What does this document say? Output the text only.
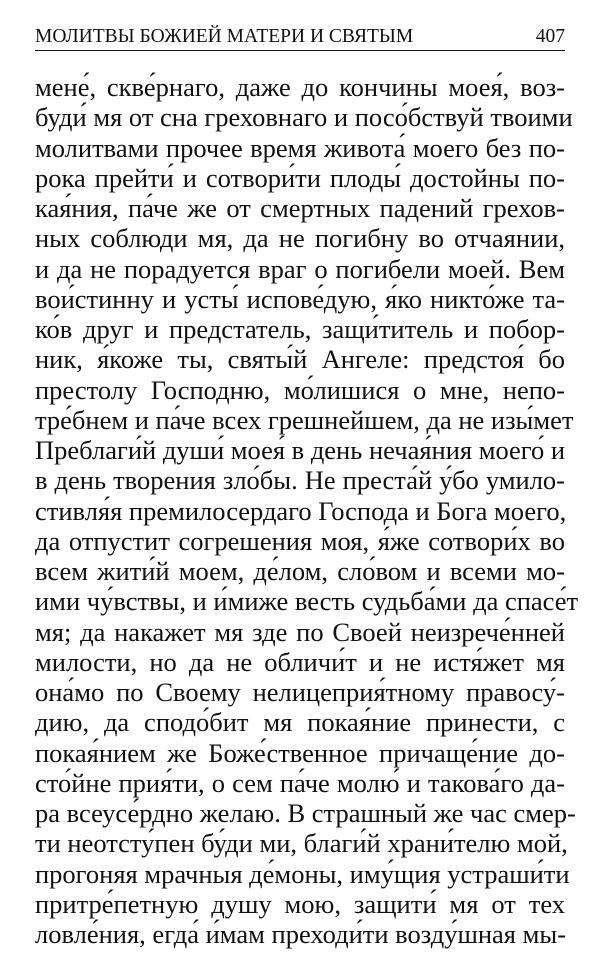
МОЛИТВЫ БОЖИЕЙ МАТЕРИ И СВЯТЫМ	407
мене́, скве́рнаго, даже до кончины моея́, воз-
буди́ мя от сна греховнаго и посо́бствуй твоими
молитвами прочее время живота́ моего без по-
рока прейти́ и сотвори́ти плоды́ достойны по-
кая́ния, па́че же от смертных падений грехов-
ных соблюди мя, да не погибну во отчаянии,
и да не порадуется враг о погибели моей. Вем
вои́стинну и усты́ испове́дую, я́ко никто́же та-
ко́в друг и предстатель, защи́титель и побор-
ник, я́коже ты, святы́й Ангеле: предстоя́ бо
престолу Господню, мо́лишися о мне, непо-
тре́бнем и па́че всех грешнейшем, да не изы́мет
Преблаги́й души́ моея́ в день нечая́ния моего́ и
в день творения зло́бы. Не преста́й у́бо умило-
стивля́я премилосердаго Господа и Бога моего,
да отпустит согрешения моя, я́же сотвори́х во
всем жити́й моем, де́лом, сло́вом и всеми мо-
ими чу́вствы, и и́миже весть судьба́ми да спасе́т
мя; да накажет мя зде по Своей неизрече́нней
милости, но да не обличи́т и не истя́жет мя
она́мо по Своему нелицеприя́тному правосу́-
дию, да сподо́бит мя покая́ние принести, с
покая́нием же Боже́ственное причаще́ние до-
сто́йне прия́ти, о сем па́че молю́ и такова́го да-
ра всеусе́рдно желаю. В страшный же час смер-
ти неотсту́пен бу́ди ми, благи́й храни́телю мой,
прогоняя мрачныя де́моны, иму́щия устраши́ти
притре́петную душу мою, защити́ мя от тех
ловле́ния, егда́ и́мам преходи́ти возду́шная мы-
